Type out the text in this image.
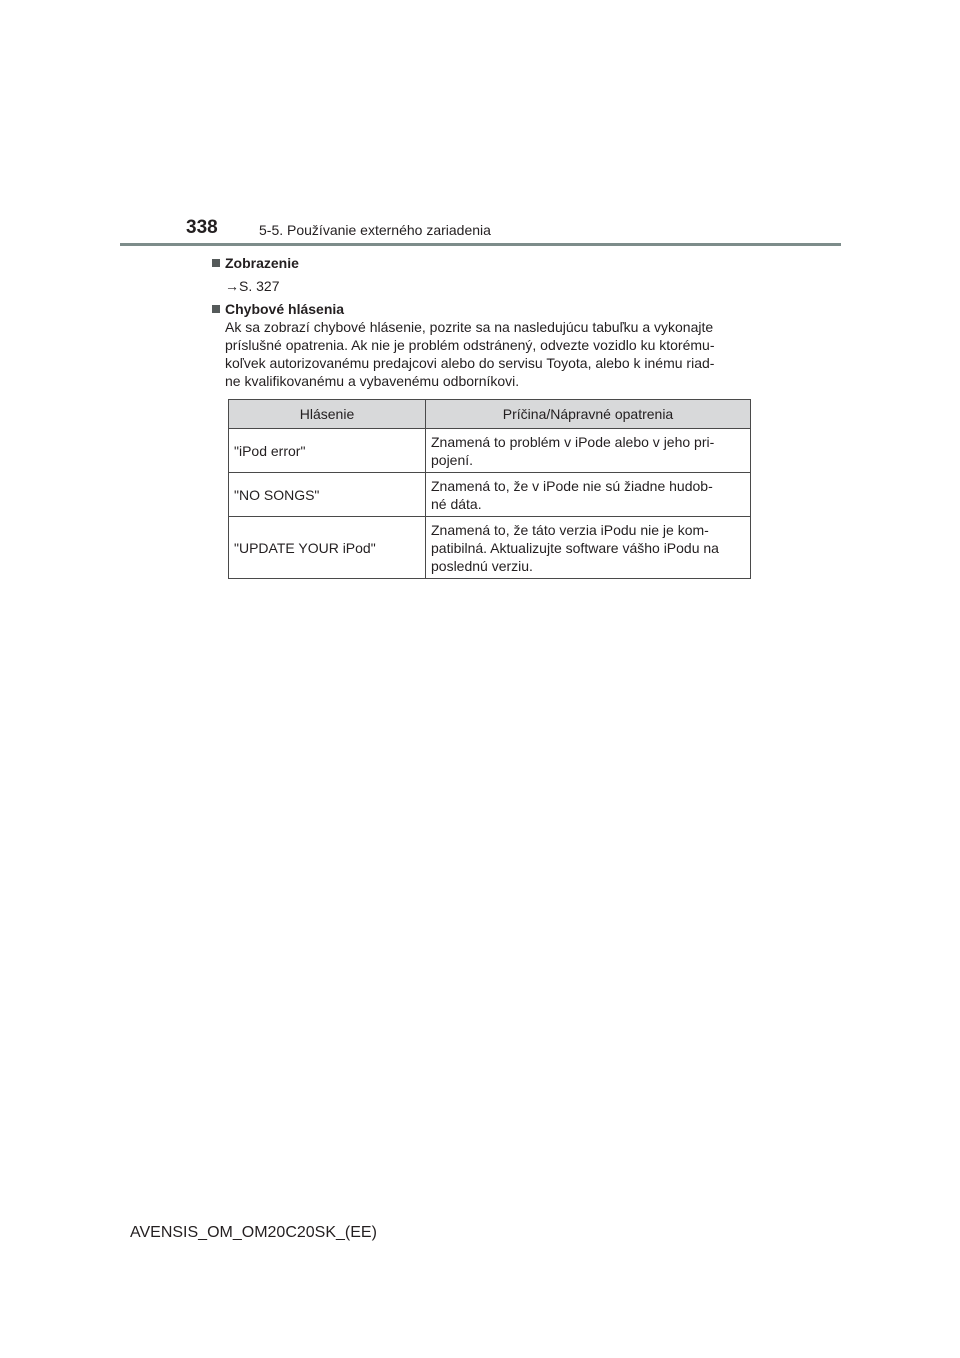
338	5-5. Používanie externého zariadenia
Zobrazenie
→S. 327
Chybové hlásenia

Ak sa zobrazí chybové hlásenie, pozrite sa na nasledujúcu tabuľku a vykonajte

príslušné opatrenia. Ak nie je problém odstránený, odvezte vozidlo ku ktorému-

koľvek autorizovanému predajcovi alebo do servisu Toyota, alebo k inému riad-

ne kvalifikovanému a vybavenému odborníkovi.

Hlásenie	Príčina/Nápravné opatrenia
"iPod error"	Znamená to problém v iPode alebo v jeho pri-
pojení.

"NO SONGS"	Znamená to, že v iPode nie sú žiadne hudob-
né dáta.

"UPDATE YOUR iPod"	Znamená to, že táto verzia iPodu nie je kom-
patibilná. Aktualizujte software vášho iPodu na
poslednú verziu.
AVENSIS_OM_OM20C20SK_(EE)
